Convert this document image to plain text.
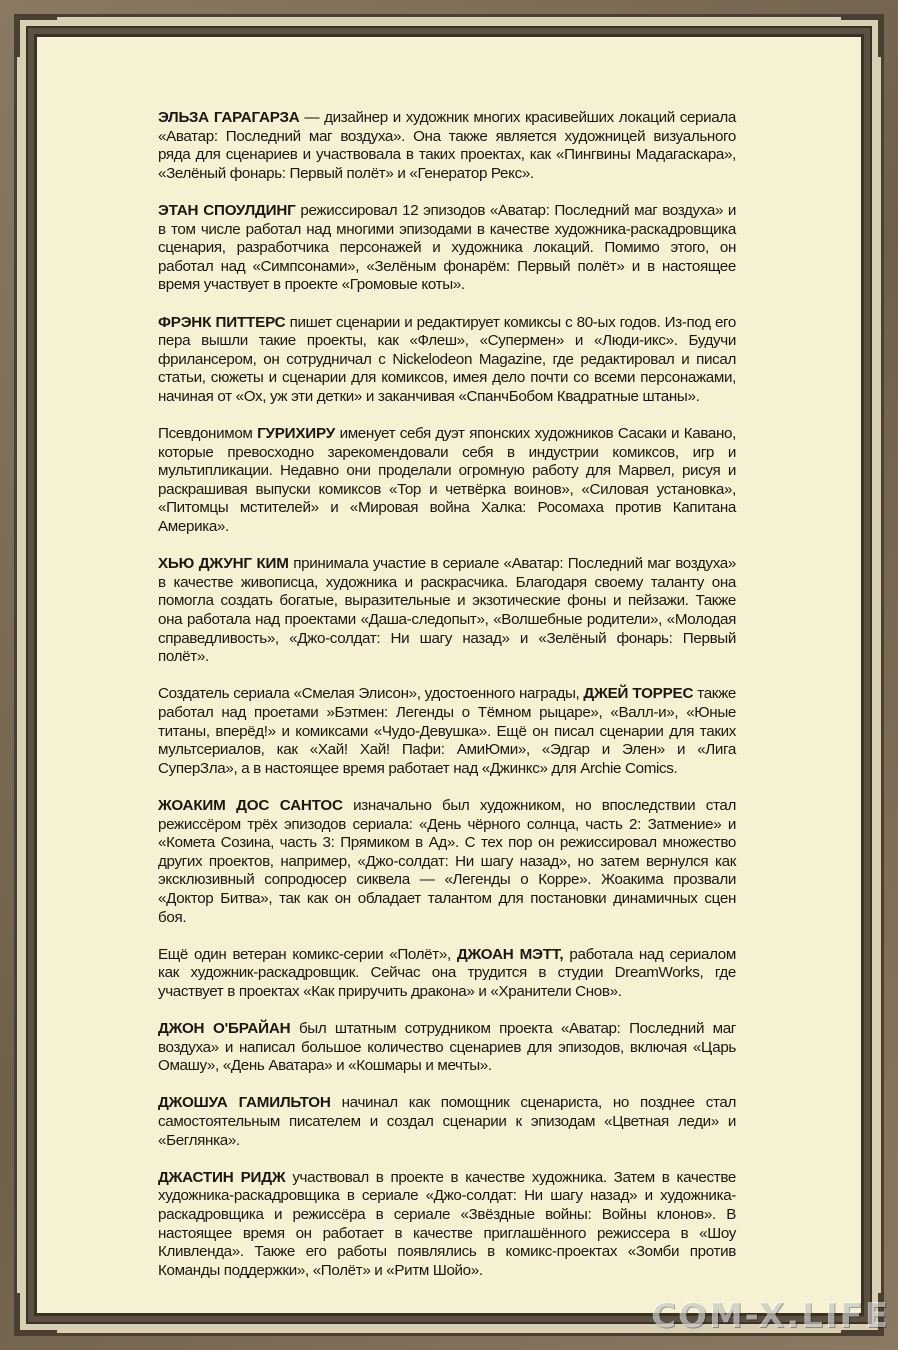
ЭЛЬЗА ГАРАГАРЗА — дизайнер и художник многих красивейших локаций сериала «Аватар: Последний маг воздуха». Она также является художницей визуального ряда для сценариев и участвовала в таких проектах, как «Пингвины Мадагаскара», «Зелёный фонарь: Первый полёт» и «Генератор Рекс».

ЭТАН СПОУЛДИНГ режиссировал 12 эпизодов «Аватар: Последний маг воздуха» и в том числе работал над многими эпизодами в качестве художника-раскадровщика сценария, разработчика персонажей и художника локаций. Помимо этого, он работал над «Симпсонами», «Зелёным фонарём: Первый полёт» и в настоящее время участвует в проекте «Громовые коты».

ФРЭНК ПИТТЕРС пишет сценарии и редактирует комиксы с 80-ых годов. Из-под его пера вышли такие проекты, как «Флеш», «Супермен» и «Люди-икс». Будучи фрилансером, он сотрудничал с Nickelodeon Magazine, где редактировал и писал статьи, сюжеты и сценарии для комиксов, имея дело почти со всеми персонажами, начиная от «Ох, уж эти детки» и заканчивая «СпанчБобом Квадратные штаны».

Псевдонимом ГУРИХИРУ именует себя дуэт японских художников Сасаки и Кавано, которые превосходно зарекомендовали себя в индустрии комиксов, игр и мультипликации. Недавно они проделали огромную работу для Марвел, рисуя и раскрашивая выпуски комиксов «Тор и четвёрка воинов», «Силовая установка», «Питомцы мстителей» и «Мировая война Халка: Росомаха против Капитана Америка».

ХЬЮ ДЖУНГ КИМ принимала участие в сериале «Аватар: Последний маг воздуха» в качестве живописца, художника и раскрасчика. Благодаря своему таланту она помогла создать богатые, выразительные и экзотические фоны и пейзажи. Также она работала над проектами «Даша-следопыт», «Волшебные родители», «Молодая справедливость», «Джо-солдат: Ни шагу назад» и «Зелёный фонарь: Первый полёт».

Создатель сериала «Смелая Элисон», удостоенного награды, ДЖЕЙ ТОРРЕС также работал над проетами »Бэтмен: Легенды о Тёмном рыцаре», «Валл-и», «Юные титаны, вперёд!» и комиксами «Чудо-Девушка». Ещё он писал сценарии для таких мультсериалов, как «Хай! Хай! Пафи: АмиЮми», «Эдгар и Элен» и «Лига СуперЗла», а в настоящее время работает над «Джинкс» для Archie Comics.

ЖОАКИМ ДОС САНТОС изначально был художником, но впоследствии стал режиссёром трёх эпизодов сериала: «День чёрного солнца, часть 2: Затмение» и «Комета Созина, часть 3: Прямиком в Ад». С тех пор он режиссировал множество других проектов, например, «Джо-солдат: Ни шагу назад», но затем вернулся как эксклюзивный сопродюсер сиквела — «Легенды о Корре». Жоакима прозвали «Доктор Битва», так как он обладает талантом для постановки динамичных сцен боя.

Ещё один ветеран комикс-серии «Полёт», ДЖОАН МЭТТ, работала над сериалом как художник-раскадровщик. Сейчас она трудится в студии DreamWorks, где участвует в проектах «Как приручить дракона» и «Хранители Снов».

ДЖОН О'БРАЙАН был штатным сотрудником проекта «Аватар: Последний маг воздуха» и написал большое количество сценариев для эпизодов, включая «Царь Омашу», «День Аватара» и «Кошмары и мечты».

ДЖОШУА ГАМИЛЬТОН начинал как помощник сценариста, но позднее стал самостоятельным писателем и создал сценарии к эпизодам «Цветная леди» и «Беглянка».

ДЖАСТИН РИДЖ участвовал в проекте в качестве художника. Затем в качестве художника-раскадровщика в сериале «Джо-солдат: Ни шагу назад» и художника-раскадровщика и режиссёра в сериале «Звёздные войны: Войны клонов». В настоящее время он работает в качестве приглашённого режиссера в «Шоу Кливленда». Также его работы появлялись в комикс-проектах «Зомби против Команды поддержки», «Полёт» и «Ритм Шойо».

COM-X.LIFE
